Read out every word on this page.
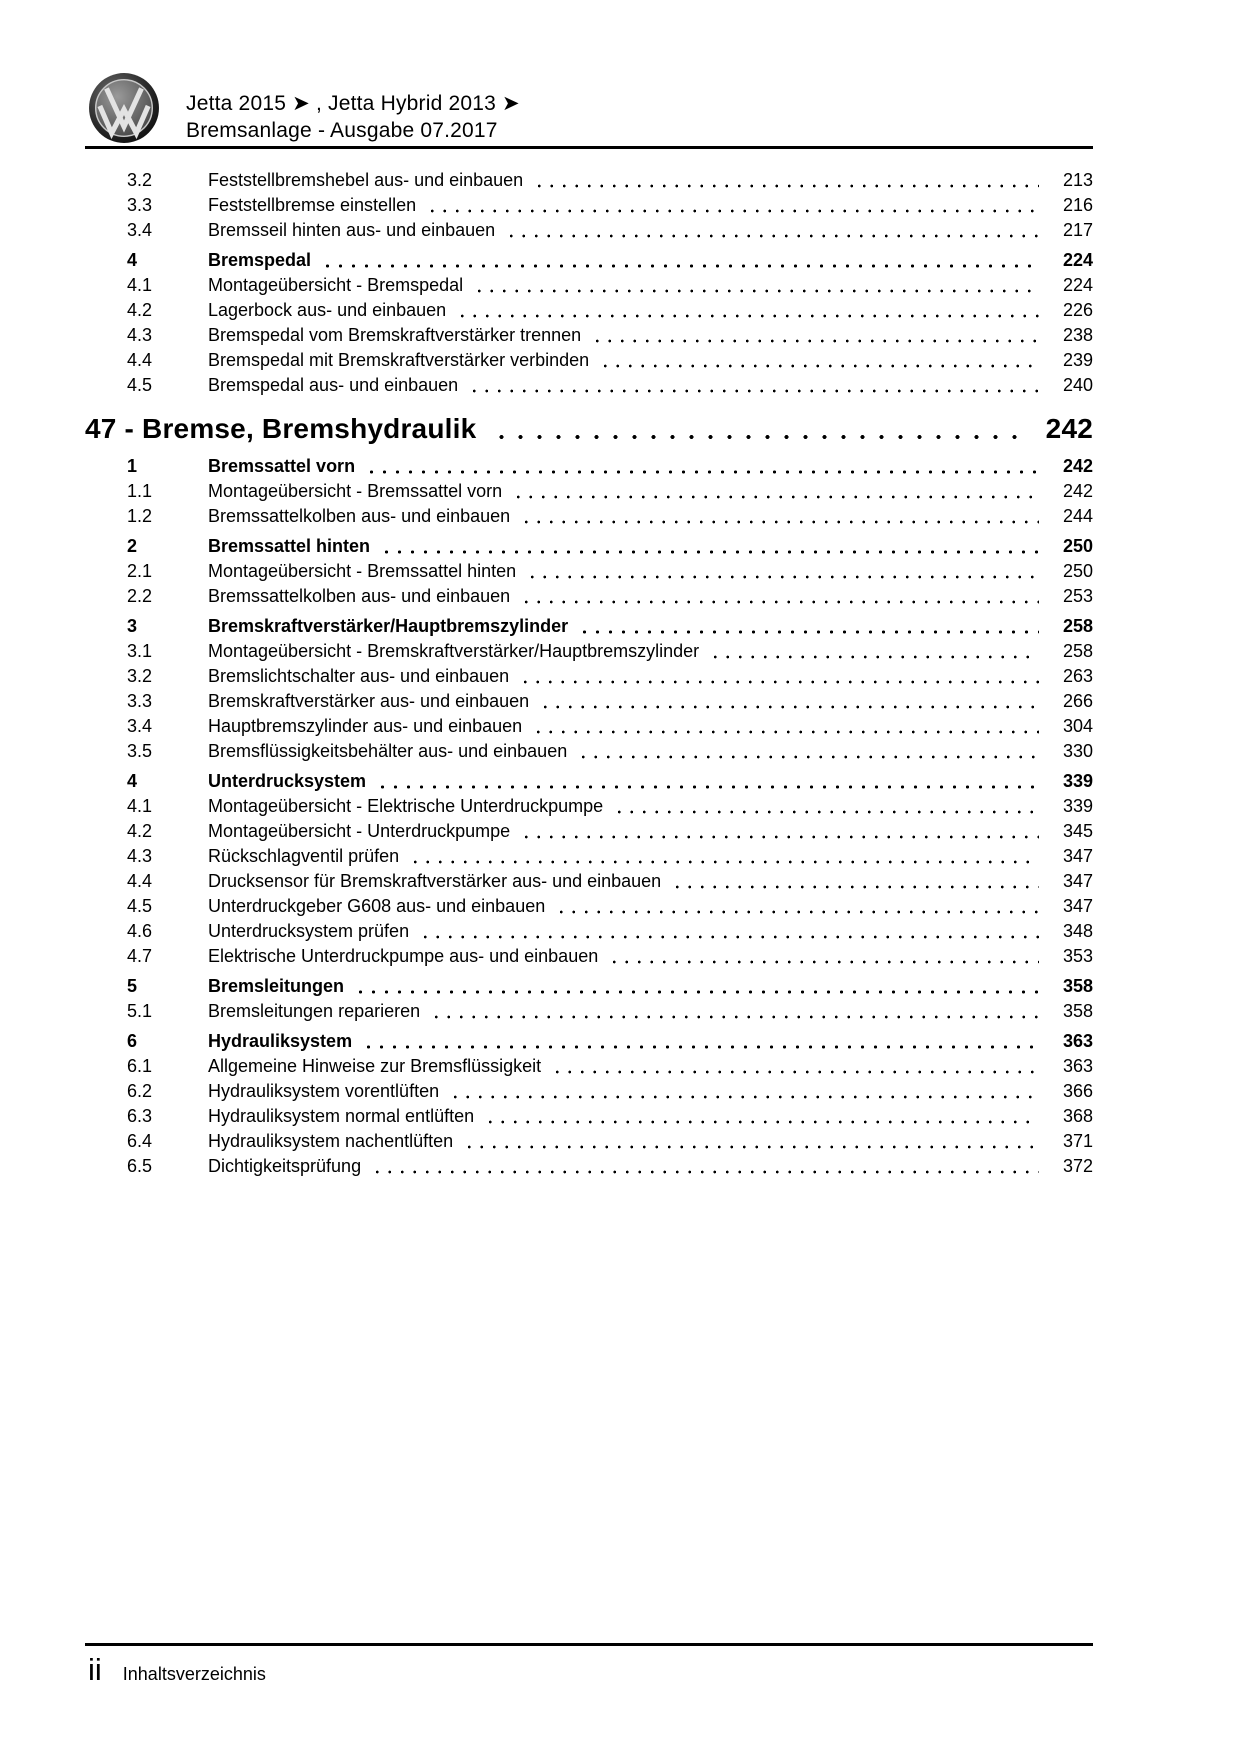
Jetta 2015 ➤ , Jetta Hybrid 2013 ➤
Bremsanlage - Ausgabe 07.2017
3.2	Feststellbremshebel aus- und einbauen	213
3.3	Feststellbremse einstellen	216
3.4	Bremsseil hinten aus- und einbauen	217
4	Bremspedal	224
4.1	Montageübersicht - Bremspedal	224
4.2	Lagerbock aus- und einbauen	226
4.3	Bremspedal vom Bremskraftverstärker trennen	238
4.4	Bremspedal mit Bremskraftverstärker verbinden	239
4.5	Bremspedal aus- und einbauen	240
47 - Bremse, Bremshydraulik	242
1	Bremssattel vorn	242
1.1	Montageübersicht - Bremssattel vorn	242
1.2	Bremssattelkolben aus- und einbauen	244
2	Bremssattel hinten	250
2.1	Montageübersicht - Bremssattel hinten	250
2.2	Bremssattelkolben aus- und einbauen	253
3	Bremskraftverstärker/Hauptbremszylinder	258
3.1	Montageübersicht - Bremskraftverstärker/Hauptbremszylinder	258
3.2	Bremslichtschalter aus- und einbauen	263
3.3	Bremskraftverstärker aus- und einbauen	266
3.4	Hauptbremszylinder aus- und einbauen	304
3.5	Bremsflüssigkeitsbehälter aus- und einbauen	330
4	Unterdrucksystem	339
4.1	Montageübersicht - Elektrische Unterdruckpumpe	339
4.2	Montageübersicht - Unterdruckpumpe	345
4.3	Rückschlagventil prüfen	347
4.4	Drucksensor für Bremskraftverstärker aus- und einbauen	347
4.5	Unterdruckgeber G608 aus- und einbauen	347
4.6	Unterdrucksystem prüfen	348
4.7	Elektrische Unterdruckpumpe aus- und einbauen	353
5	Bremsleitungen	358
5.1	Bremsleitungen reparieren	358
6	Hydrauliksystem	363
6.1	Allgemeine Hinweise zur Bremsflüssigkeit	363
6.2	Hydrauliksystem vorentlüften	366
6.3	Hydrauliksystem normal entlüften	368
6.4	Hydrauliksystem nachentlüften	371
6.5	Dichtigkeitsprüfung	372
ii Inhaltsverzeichnis
